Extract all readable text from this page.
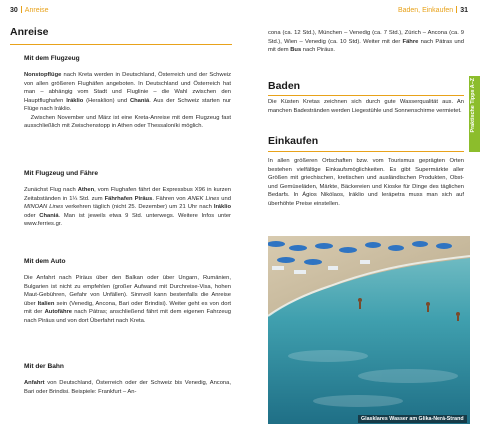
30 Anreise
Anreise
Mit dem Flugzeug

Nonstopflüge nach Kreta werden in Deutschland, Österreich und der Schweiz von allen größeren Flughäfen angeboten. In Deutschland und Österreich hat man – abhängig vom Stadt und Fluglinie – die Wahl zwischen den Hauptflughafen Iráklio (Heraklion) und Chaniá. Aus der Schweiz starten nur Flüge nach Iráklio.
Zwischen November und März ist eine Kreta-Anreise mit dem Flugzeug fast ausschließlich mit Zwischenstopp in Athen oder Thessaloníki möglich.

Mit Flugzeug und Fähre

Zunächst Flug nach Athen, vom Flughafen fährt der Expressbus X96 in kurzen Zeitabständen in 1¼ Std. zum Fährhafen Piräus. Fähren von ANEK Lines und MINOAN Lines verkehren täglich (nicht 25. Dezember) um 21 Uhr nach Iráklio oder Chaniá. Man ist jeweils etwa 9 Std. unterwegs. Weitere Infos unter www.ferries.gr.

Mit dem Auto

Die Anfahrt nach Piräus über den Balkan oder über Ungarn, Rumänien, Bulgarien ist nicht zu empfehlen (großer Aufwand mit Durchreise-Visa, hohen Maut-Gebühren, Gefahr von Unfällen). Sinnvoll kann bestenfalls die Anreise über Italien sein (Venedig, Ancona, Bari oder Brindisi). Weiter geht es von dort mit der Autofähre nach Pátras; anschließend fährt mit dem eigenen Fahrzeug nach Piräus und von dort Überfahrt nach Kreta.

Mit der Bahn

Anfahrt von Deutschland, Österreich oder der Schweiz bis Venedig, Ancona, Bari oder Brindisi. Beispiele: Frankfurt – An-

Baden, Einkaufen 31

cona (ca. 12 Std.), München – Venedig (ca. 7 Std.), Zürich – Ancona (ca. 9 Std.), Wien – Venedig (ca. 10 Std). Weiter mit der Fähre nach Pátras und mit dem Bus nach Piräus.

Baden

Die Küsten Kretas zeichnen sich durch gute Wasserqualität aus. An manchen Badestränden werden Liegestühle und Sonnenschirme vermietet.

Einkaufen

In allen größeren Ortschaften bzw. vom Tourismus geprägten Orten bestehen vielfältige Einkaufsmöglichkeiten. Es gibt Supermärkte aller Größen mit griechischen, kretischen und ausländischen Produkten, Obst- und Gemüseläden, Märkte, Bäckereien und Kioske für Dinge des täglichen Bedarfs. In Ágios Nikólaos, Iráklio und Ierápetra muss man sich auf überhöhte Preise einstellen.

Praktische Tipps A–Z
Glasklares Wasser am Glika-Nerá-Strand
